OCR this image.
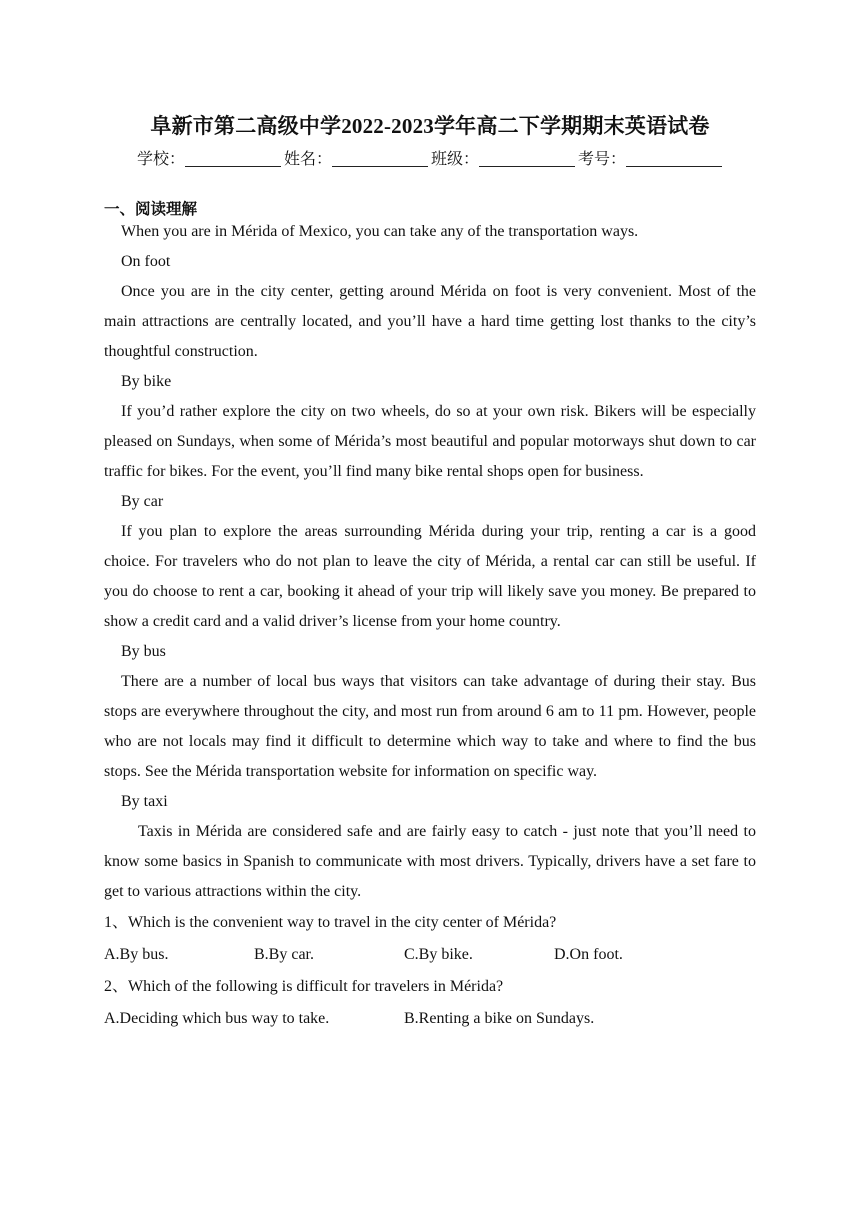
阜新市第二高级中学2022-2023学年高二下学期期末英语试卷
学校：	姓名：	班级：	考号：
一、阅读理解

When you are in Mérida of Mexico, you can take any of the transportation ways.

On foot

Once you are in the city center, getting around Mérida on foot is very convenient. Most of the main attractions are centrally located, and you’ll have a hard time getting lost thanks to the city’s thoughtful construction.

By bike

If you’d rather explore the city on two wheels, do so at your own risk. Bikers will be especially pleased on Sundays, when some of Mérida’s most beautiful and popular motorways shut down to car traffic for bikes. For the event, you’ll find many bike rental shops open for business.

By car

If you plan to explore the areas surrounding Mérida during your trip, renting a car is a good choice. For travelers who do not plan to leave the city of Mérida, a rental car can still be useful. If you do choose to rent a car, booking it ahead of your trip will likely save you money. Be prepared to show a credit card and a valid driver’s license from your home country.

By bus

There are a number of local bus ways that visitors can take advantage of during their stay. Bus stops are everywhere throughout the city, and most run from around 6 am to 11 pm. However, people who are not locals may find it difficult to determine which way to take and where to find the bus stops. See the Mérida transportation website for information on specific way.

By taxi

Taxis in Mérida are considered safe and are fairly easy to catch - just note that you’ll need to know some basics in Spanish to communicate with most drivers. Typically, drivers have a set fare to get to various attractions within the city.

1、Which is the convenient way to travel in the city center of Mérida?

A.By bus.	B.By car.	C.By bike.	D.On foot.

2、Which of the following is difficult for travelers in Mérida?

A.Deciding which bus way to take.	B.Renting a bike on Sundays.
